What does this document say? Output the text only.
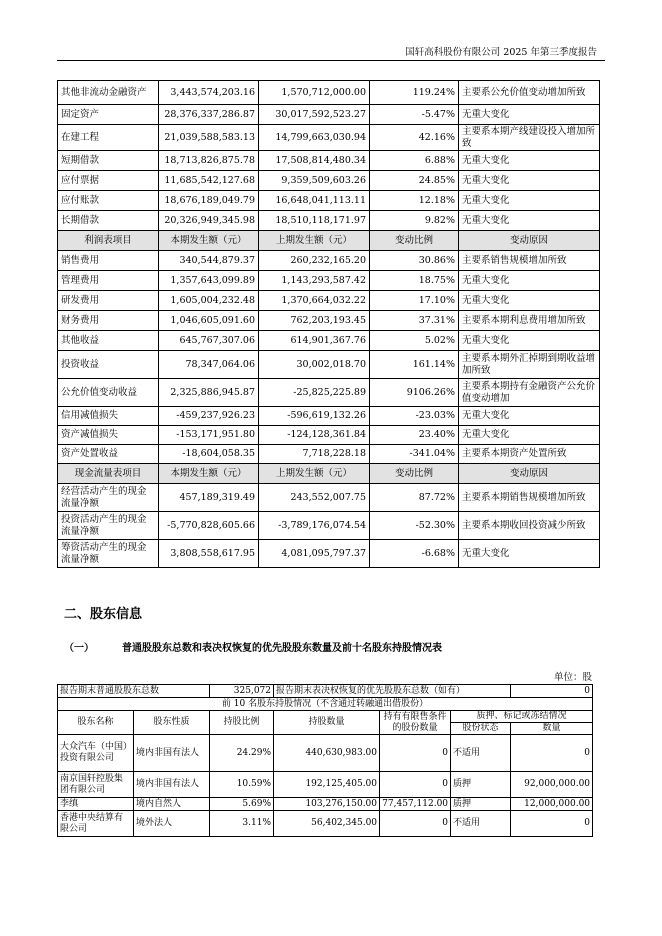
国轩高科股份有限公司 2025 年第三季度报告
其他非流动金融资产	3,443,574,203.16	1,570,712,000.00	119.24%	主要系公允价值变动增加所致
固定资产	28,376,337,286.87	30,017,592,523.27	-5.47%	无重大变化
在建工程	21,039,588,583.13	14,799,663,030.94	42.16%	主要系本期产线建设投入增加所致
短期借款	18,713,826,875.78	17,508,814,480.34	6.88%	无重大变化
应付票据	11,685,542,127.68	9,359,509,603.26	24.85%	无重大变化
应付账款	18,676,189,049.79	16,648,041,113.11	12.18%	无重大变化
长期借款	20,326,949,345.98	18,510,118,171.97	9.82%	无重大变化
利润表项目	本期发生额（元）	上期发生额（元）	变动比例	变动原因
销售费用	340,544,879.37	260,232,165.20	30.86%	主要系销售规模增加所致
管理费用	1,357,643,099.89	1,143,293,587.42	18.75%	无重大变化
研发费用	1,605,004,232.48	1,370,664,032.22	17.10%	无重大变化
财务费用	1,046,605,091.60	762,203,193.45	37.31%	主要系本期利息费用增加所致
其他收益	645,767,307.06	614,901,367.76	5.02%	无重大变化
投资收益	78,347,064.06	30,002,018.70	161.14%	主要系本期外汇掉期到期收益增加所致
公允价值变动收益	2,325,886,945.87	-25,825,225.89	9106.26%	主要系本期持有金融资产公允价值变动增加
信用减值损失	-459,237,926.23	-596,619,132.26	-23.03%	无重大变化
资产减值损失	-153,171,951.80	-124,128,361.84	23.40%	无重大变化
资产处置收益	-18,604,058.35	7,718,228.18	-341.04%	主要系本期资产处置所致
现金流量表项目	本期发生额（元）	上期发生额（元）	变动比例	变动原因
经营活动产生的现金流量净额	457,189,319.49	243,552,007.75	87.72%	主要系本期销售规模增加所致
投资活动产生的现金流量净额	-5,770,828,605.66	-3,789,176,074.54	-52.30%	主要系本期收回投资减少所致
筹资活动产生的现金流量净额	3,808,558,617.95	4,081,095,797.37	-6.68%	无重大变化
二、股东信息
（一）	普通股股东总数和表决权恢复的优先股股东数量及前十名股东持股情况表
单位：股
报告期末普通股股东总数		325,072	报告期末表决权恢复的优先股股东总数（如有）			0
前 10 名股东持股情况（不含通过转融通出借股份）						
股东名称	股东性质	持股比例	持股数量	持有有限售条件的股份数量	质押、标记或冻结情况	
					股份状态	数量
大众汽车（中国）投资有限公司	境内非国有法人	24.29%	440,630,983.00	0	不适用	0
南京国轩控股集团有限公司	境内非国有法人	10.59%	192,125,405.00	0	质押	92,000,000.00
李缜	境内自然人	5.69%	103,276,150.00	77,457,112.00	质押	12,000,000.00
香港中央结算有限公司	境外法人	3.11%	56,402,345.00	0	不适用	0
